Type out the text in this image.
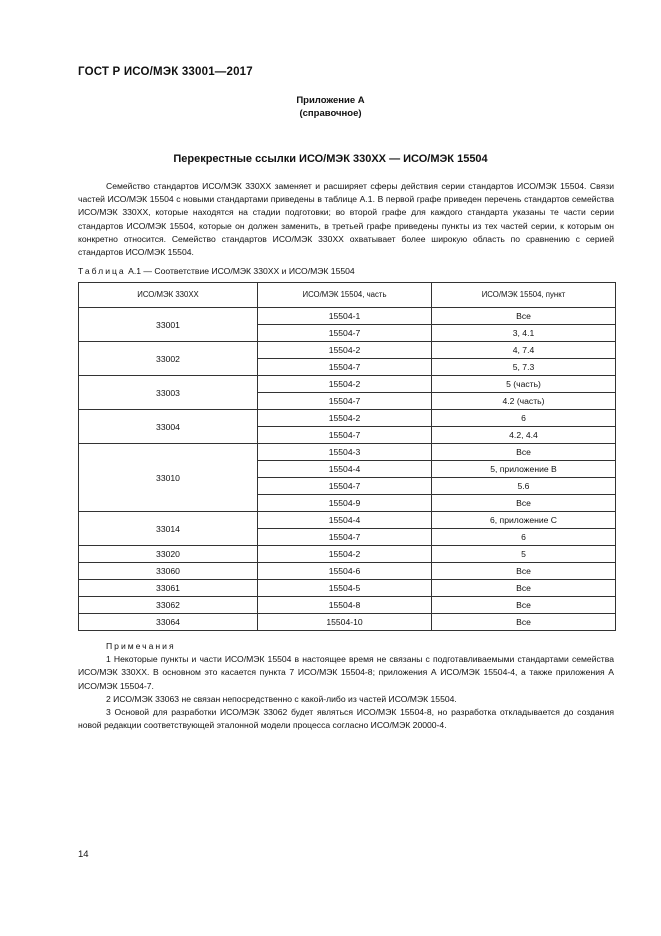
ГОСТ Р ИСО/МЭК 33001—2017
Приложение А
(справочное)
Перекрестные ссылки ИСО/МЭК 330XX — ИСО/МЭК 15504

Семейство стандартов ИСО/МЭК 330XX заменяет и расширяет сферы действия серии стандартов ИСО/МЭК 15504. Связи частей ИСО/МЭК 15504 с новыми стандартами приведены в таблице А.1. В первой графе приведен перечень стандартов семейства ИСО/МЭК 330XX, которые находятся на стадии подготовки; во второй графе для каждого стандарта указаны те части серии стандартов ИСО/МЭК 15504, которые он должен заменить, в третьей графе приведены пункты из тех частей серии, к которым он конкретно относится. Семейство стандартов ИСО/МЭК 330XX охватывает более широкую область по сравнению с серией стандартов ИСО/МЭК 15504.

Таблица А.1 — Соответствие ИСО/МЭК 330XX и ИСО/МЭК 15504
ИСО/МЭК 330XX	ИСО/МЭК 15504, часть	ИСО/МЭК 15504, пункт
33001	15504-1	Все
	15504-7	3, 4.1
33002	15504-2	4, 7.4
	15504-7	5, 7.3
33003	15504-2	5 (часть)
	15504-7	4.2 (часть)
33004	15504-2	6
	15504-7	4.2, 4.4
33010	15504-3	Все
	15504-4	5, приложение В
	15504-7	5.6
	15504-9	Все
33014	15504-4	6, приложение С
	15504-7	6
33020	15504-2	5
33060	15504-6	Все
33061	15504-5	Все
33062	15504-8	Все
33064	15504-10	Все
Примечания

1 Некоторые пункты и части ИСО/МЭК 15504 в настоящее время не связаны с подготавливаемыми стандартами семейства ИСО/МЭК 330XX. В основном это касается пункта 7 ИСО/МЭК 15504-8; приложения А ИСО/МЭК 15504-4, а также приложения А ИСО/МЭК 15504-7.

2 ИСО/МЭК 33063 не связан непосредственно с какой-либо из частей ИСО/МЭК 15504.

3 Основой для разработки ИСО/МЭК 33062 будет являться ИСО/МЭК 15504-8, но разработка откладывается до создания новой редакции соответствующей эталонной модели процесса согласно ИСО/МЭК 20000-4.

14
